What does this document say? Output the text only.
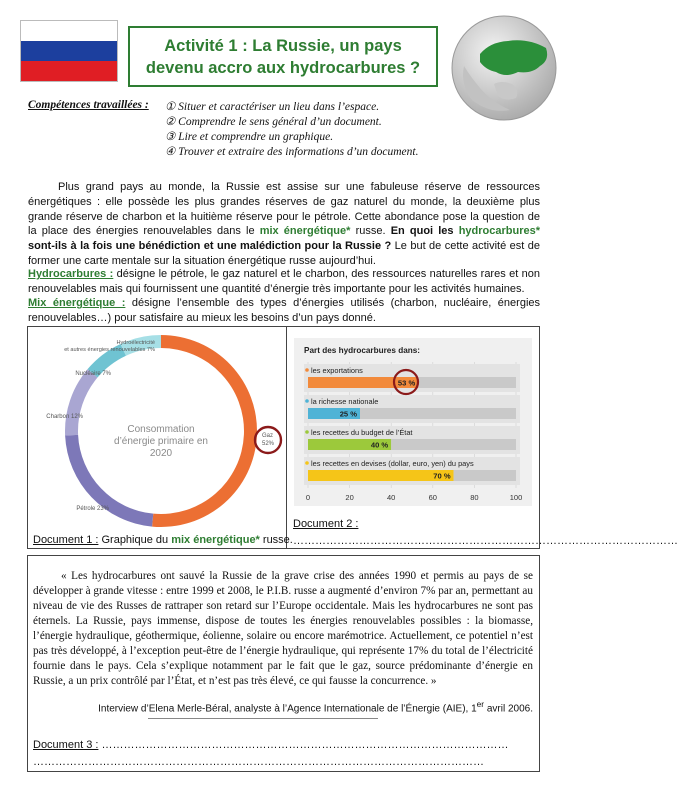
Activité 1 : La Russie, un pays devenu accro aux hydrocarbures ?
Compétences travaillées : ① Situer et caractériser un lieu dans l’espace.
② Comprendre le sens général d’un document.
③ Lire et comprendre un graphique.
④ Trouver et extraire des informations d’un document.

Plus grand pays au monde, la Russie est assise sur une fabuleuse réserve de ressources énergétiques : elle possède les plus grandes réserves de gaz naturel du monde, la deuxième plus grande réserve de charbon et la huitième réserve pour le pétrole. Cette abondance pose la question de la place des énergies renouvelables dans le mix énergétique* russe. En quoi les hydrocarbures* sont-ils à la fois une bénédiction et une malédiction pour la Russie ? Le but de cette activité est de former une carte mentale sur la situation énergétique russe aujourd’hui.

Hydrocarbures : désigne le pétrole, le gaz naturel et le charbon, des ressources naturelles rares et non renouvelables mais qui fournissent une quantité d’énergie très importante pour les activités humaines.

Mix énergétique : désigne l’ensemble des types d’énergies utilisés (charbon, nucléaire, énergies renouvelables…) pour satisfaire au mieux les besoins d’un pays donné.

Consommation d’énergie primaire en 2020
Gaz
52%
Pétrole 23%
Charbon 12%
Nucléaire 7%
Hydroélectricité et autres énergies renouvelables 7%
Document 1 : Graphique du mix énergétique* russe.
Part des hydrocarbures dans:
les exportations
53 %
la richesse nationale
25 %
les recettes du budget de l’État
40 %
les recettes en devises (dollar, euro, yen) du pays
70 %
0	20	40	60	80	100
Document 2 : ……………………………………………………………………………………………

« Les hydrocarbures ont sauvé la Russie de la grave crise des années 1990 et permis au pays de se développer à grande vitesse : entre 1999 et 2008, le P.I.B. russe a augmenté d’environ 7% par an, permettant au niveau de vie des Russes de rattraper son retard sur l’Europe occidentale. Mais les hydrocarbures ne sont pas éternels. La Russie, pays immense, dispose de toutes les énergies renouvelables possibles : la biomasse, l’énergie hydraulique, géothermique, éolienne, solaire ou encore marémotrice. Actuellement, ce potentiel n’est pas très développé, à l’exception peut-être de l’énergie hydraulique, qui représente 17% du total de l’électricité fournie dans le pays. Cela s’explique notamment par le fait que le gaz, source prédominante d’énergie en Russie, a un prix contrôlé par l’État, et n’est pas très élevé, ce qui fausse la concurrence. »

Interview d’Elena Merle-Béral, analyste à l’Agence Internationale de l’Énergie (AIE), 1er avril 2006.
Document 3 : ………………………………………………………………………………………………… ……………………………………………………………………………………………………………
